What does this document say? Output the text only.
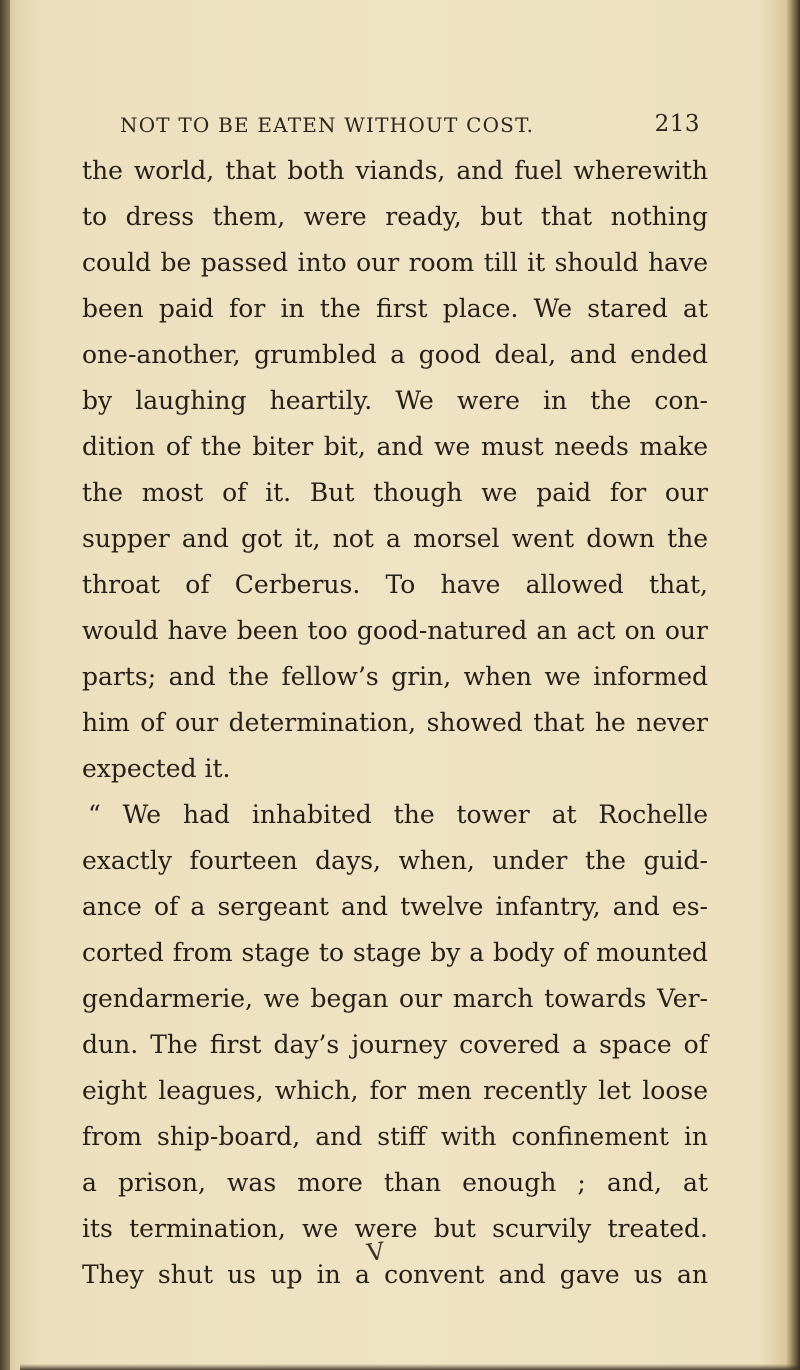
NOT TO BE EATEN WITHOUT COST.	213
the world, that both viands, and fuel wherewith
to dress them, were ready, but that nothing
could be passed into our room till it should have
been paid for in the first place. We stared at
one-another, grumbled a good deal, and ended
by laughing heartily. We were in the con-
dition of the biter bit, and we must needs make
the most of it. But though we paid for our
supper and got it, not a morsel went down the
throat of Cerberus. To have allowed that,
would have been too good-natured an act on our
parts; and the fellow’s grin, when we informed
him of our determination, showed that he never
expected it.
“ We had inhabited the tower at Rochelle
exactly fourteen days, when, under the guid-
ance of a sergeant and twelve infantry, and es-
corted from stage to stage by a body of mounted
gendarmerie, we began our march towards Ver-
dun. The first day’s journey covered a space of
eight leagues, which, for men recently let loose
from ship-board, and stiff with confinement in
a prison, was more than enough ; and, at
its termination, we were but scurvily treated.
They shut us up in a convent and gave us an
V
